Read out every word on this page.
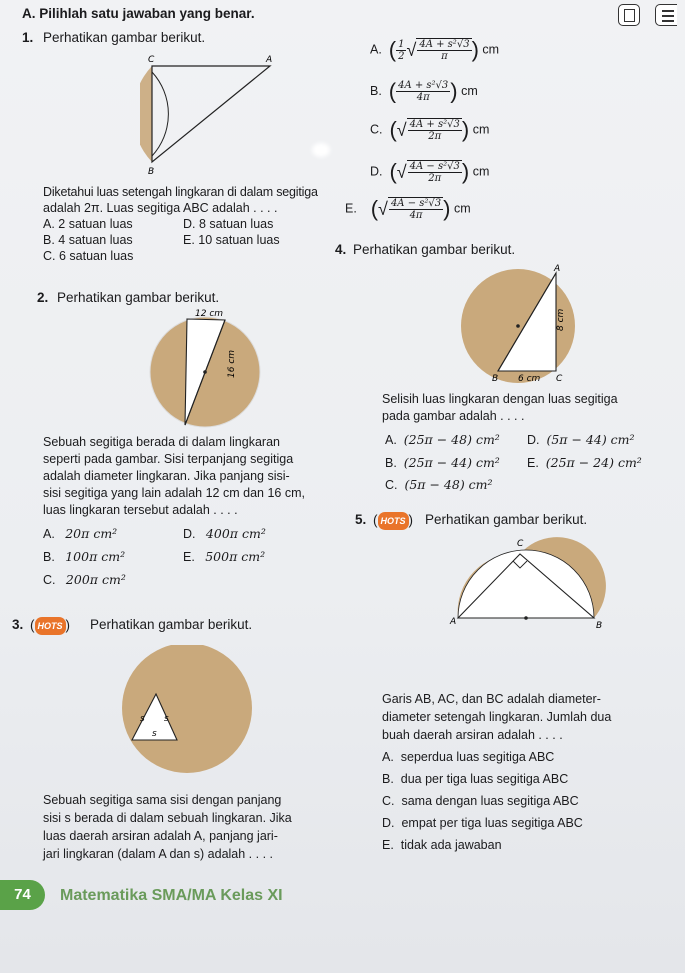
A. Pilihlah satu jawaban yang benar.
1. Perhatikan gambar berikut.
C	A
B
Diketahui luas setengah lingkaran di dalam segitiga
adalah 2π. Luas segitiga ABC adalah . . . .
A. 2 satuan luas	D. 8 satuan luas
B. 4 satuan luas	E. 10 satuan luas
C. 6 satuan luas
A. ( $\frac{1}{2}$ √ $\frac{\text{4A + s²√3}}{\pi}$ ) cm
B. ( $\frac{\text{4A + s²√3}}{4\pi}$ ) cm
C. (√ $\frac{\text{4A + s²√3}}{2\pi}$ ) cm
D. (√ $\frac{\text{4A − s²√3}}{2\pi}$ ) cm
E. (√ $\frac{\text{4A − s²√3}}{4\pi}$ ) cm
2. Perhatikan gambar berikut.
12 cm
16 cm
Sebuah segitiga berada di dalam lingkaran
seperti pada gambar. Sisi terpanjang segitiga
adalah diameter lingkaran. Jika panjang sisi-
sisi segitiga yang lain adalah 12 cm dan 16 cm,
luas lingkaran tersebut adalah . . . .
A. 20π cm²	D. 400π cm²
B. 100π cm²	E. 500π cm²
C. 200π cm²
3. ( HOTS ) Perhatikan gambar berikut.
s s
s
Sebuah segitiga sama sisi dengan panjang
sisi s berada di dalam sebuah lingkaran. Jika
luas daerah arsiran adalah A, panjang jari-
jari lingkaran (dalam A dan s) adalah . . . .
4. Perhatikan gambar berikut.
A
8 cm
B 6 cm C
Selisih luas lingkaran dengan luas segitiga
pada gambar adalah . . . .
A. (25π − 48) cm² D. (5π − 44) cm²
B. (25π − 44) cm² E. (25π − 24) cm²
C. (5π − 48) cm²
5. ( HOTS ) Perhatikan gambar berikut.
C
A	B
Garis AB, AC, dan BC adalah diameter-
diameter setengah lingkaran. Jumlah dua
buah daerah arsiran adalah . . . .
A. seperdua luas segitiga ABC
B. dua per tiga luas segitiga ABC
C. sama dengan luas segitiga ABC
D. empat per tiga luas segitiga ABC
E. tidak ada jawaban
74	Matematika SMA/MA Kelas XI
